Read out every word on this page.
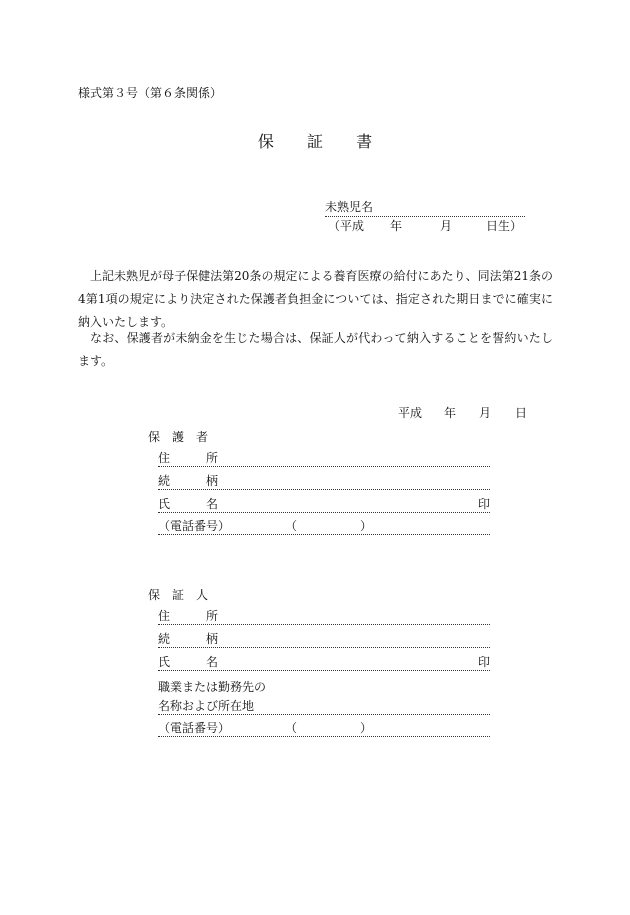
様式第３号（第６条関係）
保 証 書
未熟児名
（平成 年	月	日生）
上記未熟児が母子保健法第20条の規定による養育医療の給付にあたり、同法第21条の4第1項の規定により決定された保護者負担金については、指定された期日までに確実に納入いたします。
なお、保護者が未納金を生じた場合は、保証人が代わって納入することを誓約いたします。
平成 年 月 日
保　護　者
住　　　所
続　　　柄
氏　　　名	印
（電話番号）	（	）
保　証　人
住　　　所
続　　　柄
氏　　　名	印
職業または勤務先の
名称および所在地
（電話番号）	（	）
